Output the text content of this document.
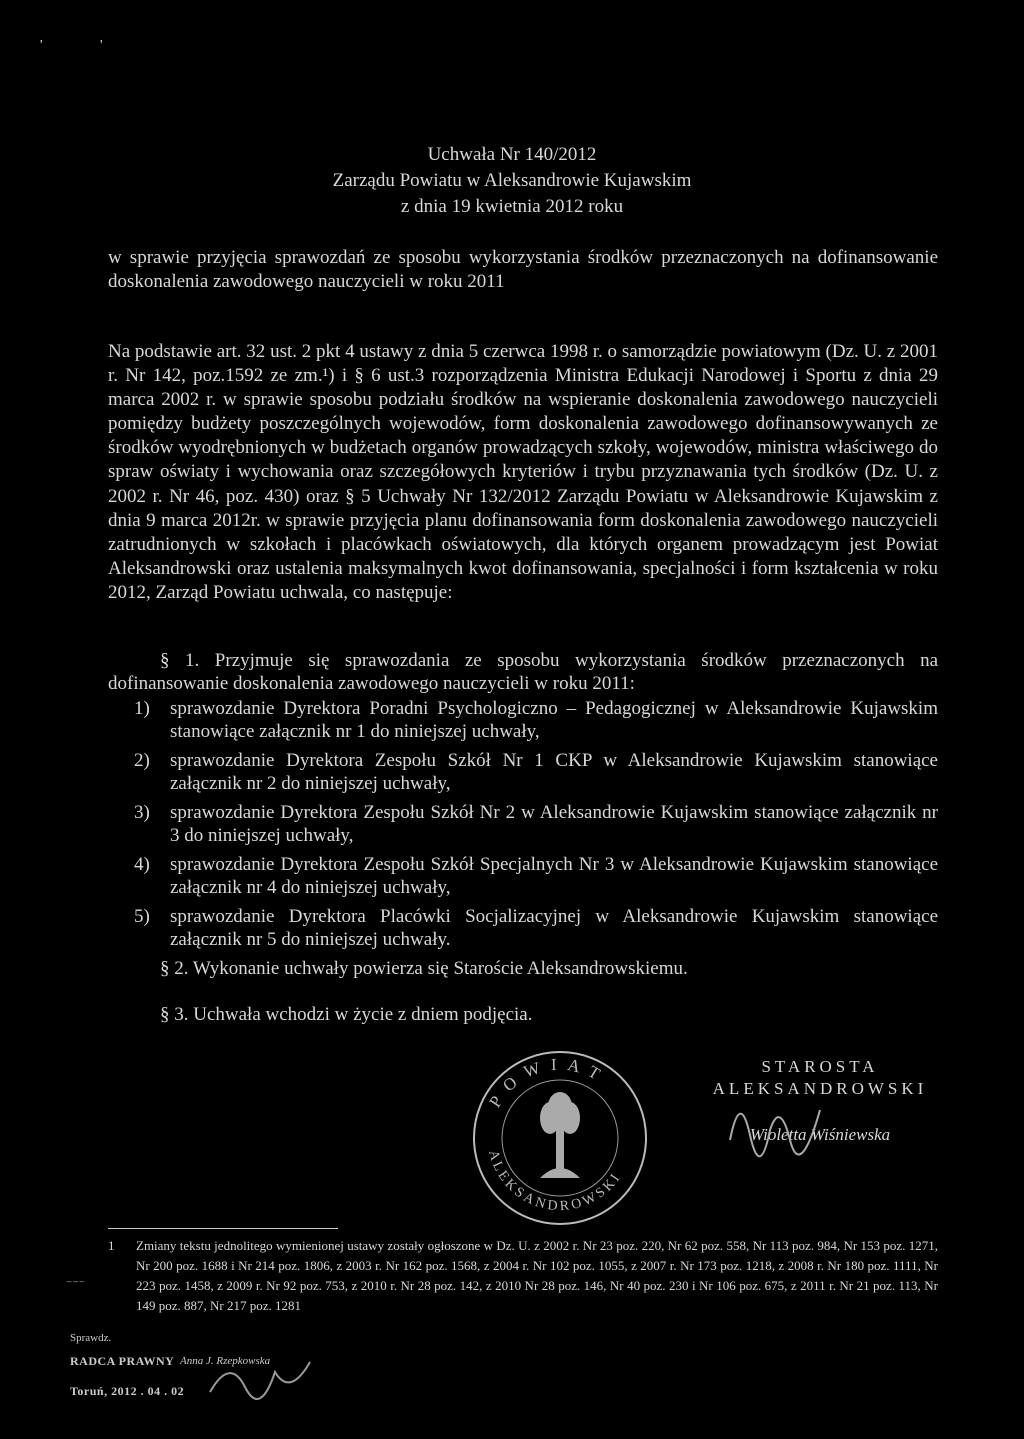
'	'
Uchwała Nr 140/2012
Zarządu Powiatu w Aleksandrowie Kujawskim
z dnia 19 kwietnia 2012 roku
w sprawie przyjęcia sprawozdań ze sposobu wykorzystania środków przeznaczonych na dofinansowanie doskonalenia zawodowego nauczycieli w roku 2011
Na podstawie art. 32 ust. 2 pkt 4 ustawy z dnia 5 czerwca 1998 r. o samorządzie powiatowym (Dz. U. z 2001 r. Nr 142, poz.1592 ze zm.¹) i § 6 ust.3 rozporządzenia Ministra Edukacji Narodowej i Sportu z dnia 29 marca 2002 r. w sprawie sposobu podziału środków na wspieranie doskonalenia zawodowego nauczycieli pomiędzy budżety poszczególnych wojewodów, form doskonalenia zawodowego dofinansowywanych ze środków wyodrębnionych w budżetach organów prowadzących szkoły, wojewodów, ministra właściwego do spraw oświaty i wychowania oraz szczegółowych kryteriów i trybu przyznawania tych środków (Dz. U. z 2002 r. Nr 46, poz. 430) oraz § 5 Uchwały Nr 132/2012 Zarządu Powiatu w Aleksandrowie Kujawskim z dnia 9 marca 2012r. w sprawie przyjęcia planu dofinansowania form doskonalenia zawodowego nauczycieli zatrudnionych w szkołach i placówkach oświatowych, dla których organem prowadzącym jest Powiat Aleksandrowski oraz ustalenia maksymalnych kwot dofinansowania, specjalności i form kształcenia w roku 2012, Zarząd Powiatu uchwala, co następuje:
§ 1. Przyjmuje się sprawozdania ze sposobu wykorzystania środków przeznaczonych na dofinansowanie doskonalenia zawodowego nauczycieli w roku 2011:
1) sprawozdanie Dyrektora Poradni Psychologiczno – Pedagogicznej w Aleksandrowie Kujawskim stanowiące załącznik nr 1 do niniejszej uchwały,
2) sprawozdanie Dyrektora Zespołu Szkół Nr 1 CKP w Aleksandrowie Kujawskim stanowiące załącznik nr 2 do niniejszej uchwały,
3) sprawozdanie Dyrektora Zespołu Szkół Nr 2 w Aleksandrowie Kujawskim stanowiące załącznik nr 3 do niniejszej uchwały,
4) sprawozdanie Dyrektora Zespołu Szkół Specjalnych Nr 3 w Aleksandrowie Kujawskim stanowiące załącznik nr 4 do niniejszej uchwały,
5) sprawozdanie Dyrektora Placówki Socjalizacyjnej w Aleksandrowie Kujawskim stanowiące załącznik nr 5 do niniejszej uchwały.
§ 2. Wykonanie uchwały powierza się Staroście Aleksandrowskiemu.
§ 3. Uchwała wchodzi w życie z dniem podjęcia.
POWIAT
ALEKSANDROWSKI
STAROSTA
ALEKSANDROWSKI
Wioletta Wiśniewska
1	Zmiany tekstu jednolitego wymienionej ustawy zostały ogłoszone w Dz. U. z 2002 r. Nr 23 poz. 220, Nr 62 poz. 558, Nr 113 poz. 984, Nr 153 poz. 1271, Nr 200 poz. 1688 i Nr 214 poz. 1806, z 2003 r. Nr 162 poz. 1568, z 2004 r. Nr 102 poz. 1055, z 2007 r. Nr 173 poz. 1218, z 2008 r. Nr 180 poz. 1111, Nr 223 poz. 1458, z 2009 r. Nr 92 poz. 753, z 2010 r. Nr 28 poz. 142, z 2010 Nr 28 poz. 146, Nr 40 poz. 230 i Nr 106 poz. 675, z 2011 r. Nr 21 poz. 113, Nr 149 poz. 887, Nr 217 poz. 1281
⁻⁻⁻
Sprawdz.
RADCA PRAWNY Anna J. Rzepkowska
Toruń, 2012 . 04 . 02
